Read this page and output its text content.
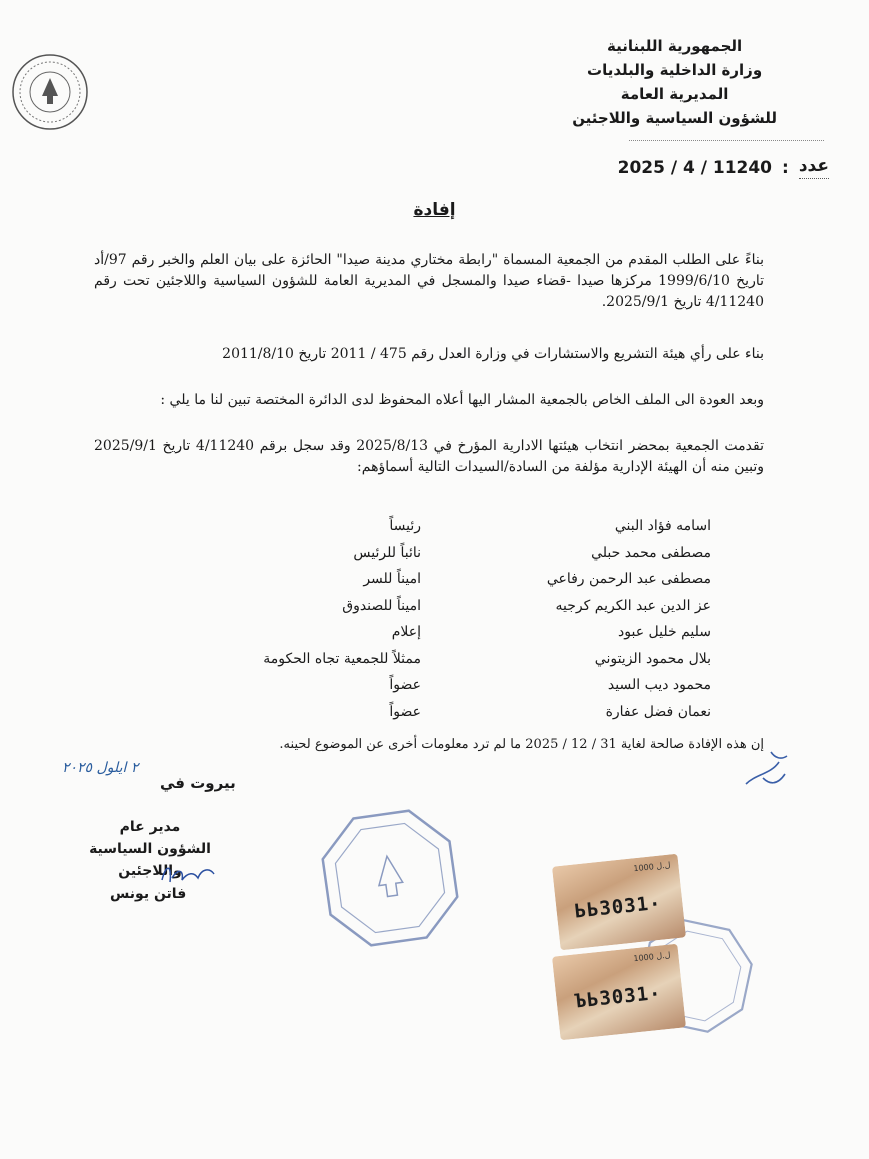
الجمهورية اللبنانية
وزارة الداخلية والبلديات
المديرية العامة
للشؤون السياسية واللاجئين
عدد
:
2025 / 4 / 11240
إفادة
بناءً على الطلب المقدم من الجمعية المسماة "رابطة مختاري مدينة صيدا" الحائزة على بيان العلم والخبر رقم 97/أد تاريخ 1999/6/10 مركزها صيدا -قضاء صيدا والمسجل في المديرية العامة للشؤون السياسية واللاجئين تحت رقم 4/11240 تاريخ 2025/9/1.
بناء على رأي هيئة التشريع والاستشارات في وزارة العدل رقم 475 / 2011 تاريخ 2011/8/10
وبعد العودة الى الملف الخاص بالجمعية المشار اليها أعلاه المحفوظ لدى الدائرة المختصة تبين لنا ما يلي :
تقدمت الجمعية بمحضر انتخاب هيئتها الادارية المؤرخ في 2025/8/13 وقد سجل برقم 4/11240 تاريخ 2025/9/1 وتبين منه أن الهيئة الإدارية مؤلفة من السادة/السيدات التالية أسماؤهم:
اسامه فؤاد البني
رئيساً
مصطفى محمد حبلي
نائباً للرئيس
مصطفى عبد الرحمن رفاعي
اميناً للسر
عز الدين عبد الكريم كرجيه
اميناً للصندوق
سليم خليل عبود
إعلام
بلال محمود الزيتوني
ممثلاً للجمعية تجاه الحكومة
محمود ديب السيد
عضواً
نعمان فضل عفارة
عضواً
إن هذه الإفادة صالحة لغاية 31 / 12 / 2025 ما لم ترد معلومات أخرى عن الموضوع لحينه.
٢ ايلول ٢٠٢٥
بيروت في
مدير عام
الشؤون السياسية واللاجئين
فاتن يونس
1000 ل.ل
ЬЬ3031٠
1000 ل.ل
ЪЬ3031٠
